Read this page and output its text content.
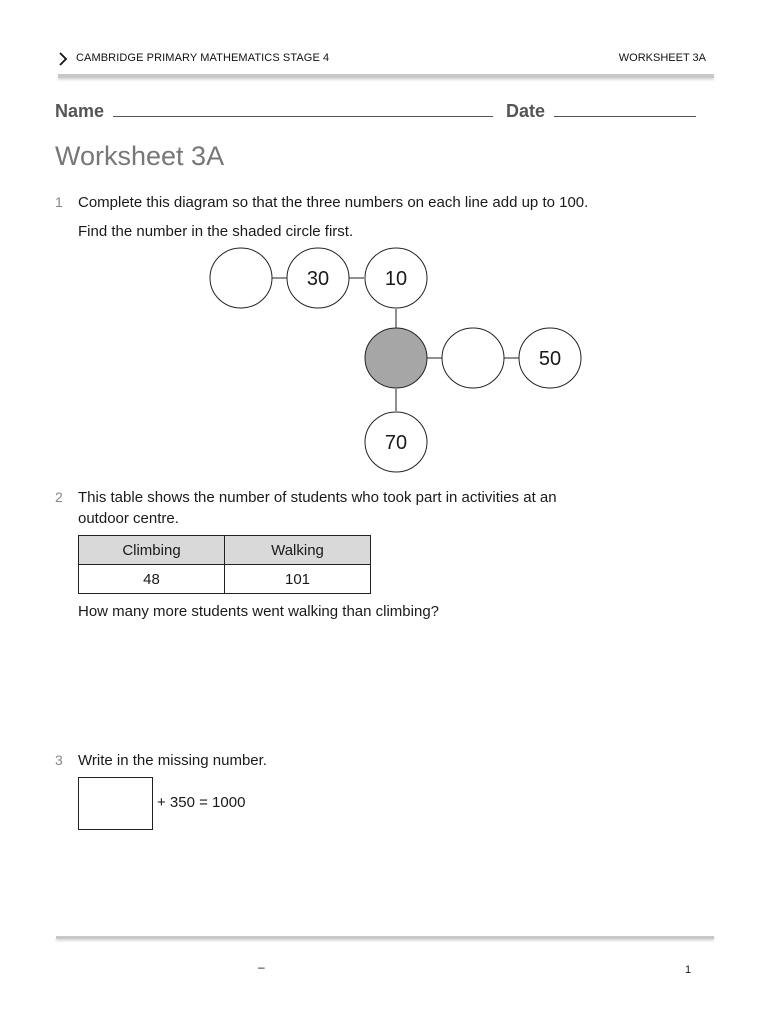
CAMBRIDGE PRIMARY MATHEMATICS STAGE 4	WORKSHEET 3A
Name	Date
Worksheet 3A
1 Complete this diagram so that the three numbers on each line add up to 100.
Find the number in the shaded circle first.
30	10
50
70
2 This table shows the number of students who took part in activities at an
outdoor centre.
Climbing	Walking
48	101
How many more students went walking than climbing?
3 Write in the missing number.
+ 350 = 1000
–	1
